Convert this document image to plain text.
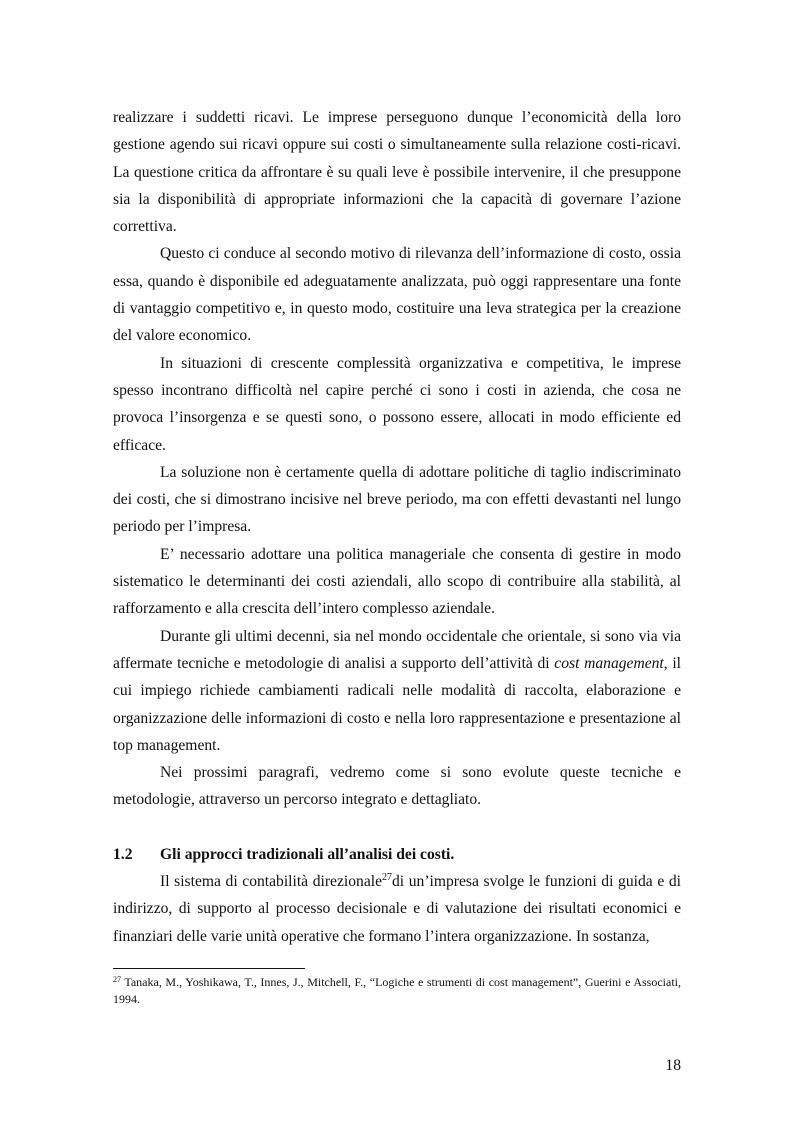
realizzare i suddetti ricavi. Le imprese perseguono dunque l’economicità della loro gestione agendo sui ricavi oppure sui costi o simultaneamente sulla relazione costi-ricavi. La questione critica da affrontare è su quali leve è possibile intervenire, il che presuppone sia la disponibilità di appropriate informazioni che la capacità di governare l’azione correttiva.

Questo ci conduce al secondo motivo di rilevanza dell’informazione di costo, ossia essa, quando è disponibile ed adeguatamente analizzata, può oggi rappresentare una fonte di vantaggio competitivo e, in questo modo, costituire una leva strategica per la creazione del valore economico.

In situazioni di crescente complessità organizzativa e competitiva, le imprese spesso incontrano difficoltà nel capire perché ci sono i costi in azienda, che cosa ne provoca l’insorgenza e se questi sono, o possono essere, allocati in modo efficiente ed efficace.

La soluzione non è certamente quella di adottare politiche di taglio indiscriminato dei costi, che si dimostrano incisive nel breve periodo, ma con effetti devastanti nel lungo periodo per l’impresa.

E’ necessario adottare una politica manageriale che consenta di gestire in modo sistematico le determinanti dei costi aziendali, allo scopo di contribuire alla stabilità, al rafforzamento e alla crescita dell’intero complesso aziendale.

Durante gli ultimi decenni, sia nel mondo occidentale che orientale, si sono via via affermate tecniche e metodologie di analisi a supporto dell’attività di cost management, il cui impiego richiede cambiamenti radicali nelle modalità di raccolta, elaborazione e organizzazione delle informazioni di costo e nella loro rappresentazione e presentazione al top management.

Nei prossimi paragrafi, vedremo come si sono evolute queste tecniche e metodologie, attraverso un percorso integrato e dettagliato.

1.2 Gli approcci tradizionali all’analisi dei costi.

Il sistema di contabilità direzionale$^{27}$di un’impresa svolge le funzioni di guida e di indirizzo, di supporto al processo decisionale e di valutazione dei risultati economici e finanziari delle varie unità operative che formano l’intera organizzazione. In sostanza,

$^{27}$ Tanaka, M., Yoshikawa, T., Innes, J., Mitchell, F., “Logiche e strumenti di cost management”, Guerini e Associati, 1994.

18
